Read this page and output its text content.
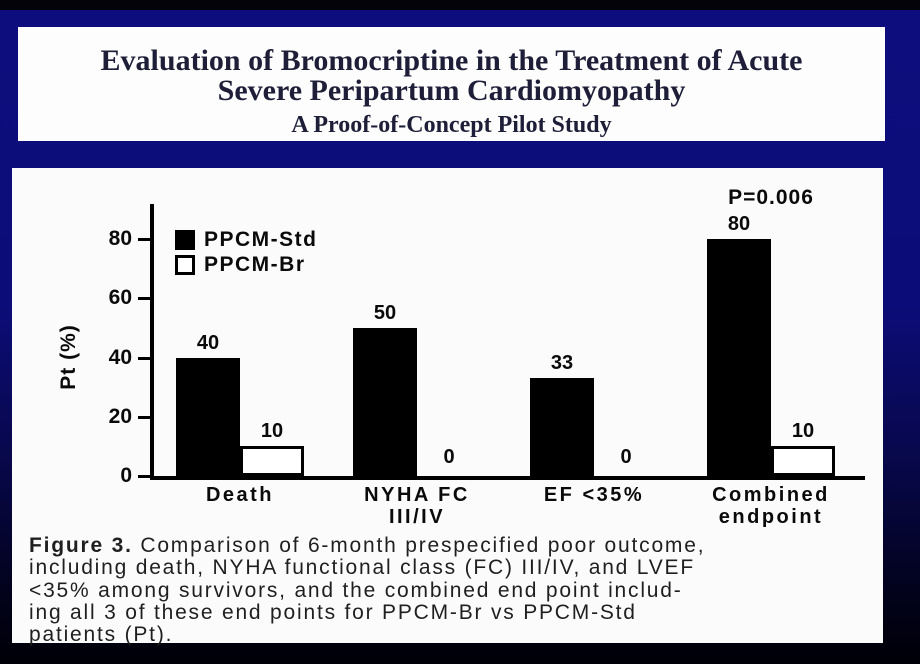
Evaluation of Bromocriptine in the Treatment of Acute
Severe Peripartum Cardiomyopathy
A Proof-of-Concept Pilot Study
P=0.006
PPCM-Std
PPCM-Br
Pt (%)
0
20
40
60
80
40
10
Death
50
0
NYHA FC
III/IV
33
0
EF <35%
80
10
Combined
endpoint
Figure 3. Comparison of 6-month prespecified poor outcome,
including death, NYHA functional class (FC) III/IV, and LVEF
<35% among survivors, and the combined end point includ-
ing all 3 of these end points for PPCM-Br vs PPCM-Std
patients (Pt).
